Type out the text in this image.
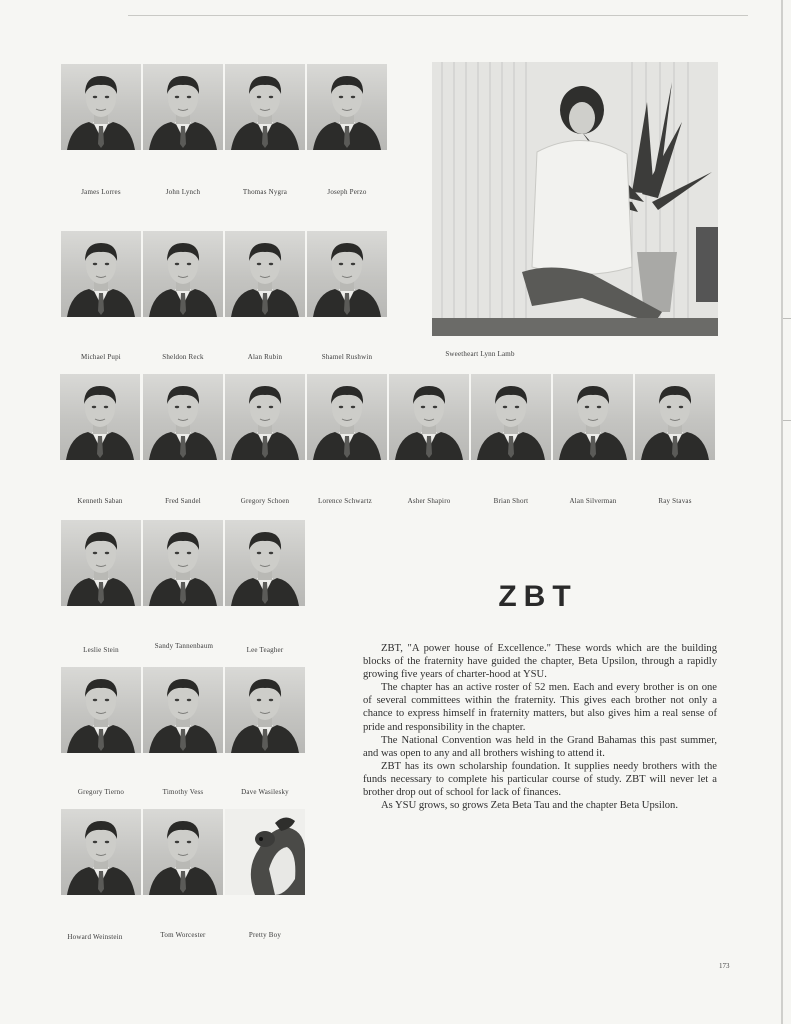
James Lorres	John Lynch	Thomas Nygra	Joseph Perzo
Michael Pupi	Sheldon Reck	Alan Rubin	Shamel Rushwin	Sweetheart Lynn Lamb
Kenneth Saban	Fred Sandel	Gregory Schoen	Lorence Schwartz	Asher Shapiro	Brian Short	Alan Silverman	Ray Stavas
Leslie Stein	Sandy Tannenbaum	Lee Teagher
Gregory Tierno	Timothy Vess	Dave Wasilesky
Howard Weinstein	Tom Worcester	Pretty Boy
ZBT

ZBT, "A power house of Excellence." These words which are the building blocks of the fraternity have guided the chapter, Beta Upsilon, through a rapidly growing five years of charter-hood at YSU.

The chapter has an active roster of 52 men. Each and every brother is on one of several committees within the fraternity. This gives each brother not only a chance to express himself in fraternity matters, but also gives him a real sense of pride and responsibility in the chapter.

The National Convention was held in the Grand Bahamas this past summer, and was open to any and all brothers wishing to attend it.

ZBT has its own scholarship foundation. It supplies needy brothers with the funds necessary to complete his particular course of study. ZBT will never let a brother drop out of school for lack of finances.

As YSU grows, so grows Zeta Beta Tau and the chapter Beta Upsilon.

173
